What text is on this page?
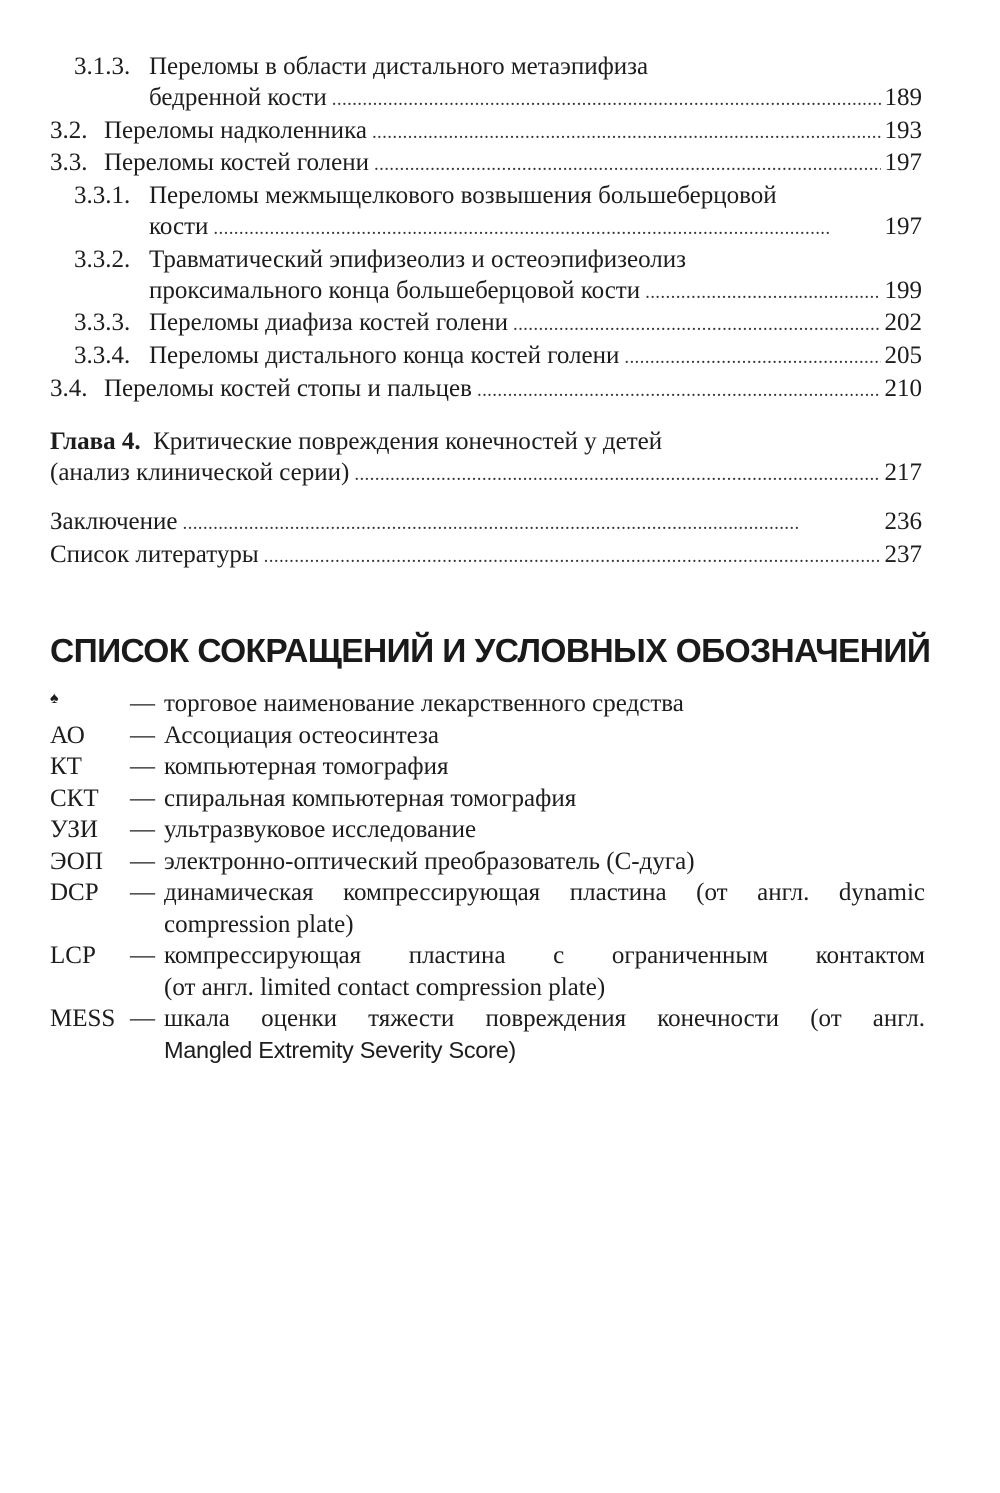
3.1.3. Переломы в области дистального метаэпифиза
бедренной кости . . .	189
3.2. Переломы надколенника . . .	193
3.3. Переломы костей голени . . .	197
3.3.1. Переломы межмыщелкового возвышения большеберцовой
кости . . .	197
3.3.2. Травматический эпифизеолиз и остеоэпифизеолиз
проксимального конца большеберцовой кости . . .	199
3.3.3. Переломы диафиза костей голени . . .	202
3.3.4. Переломы дистального конца костей голени . . .	205
3.4. Переломы костей стопы и пальцев . . .	210
Глава 4. Критические повреждения конечностей у детей
(анализ клинической серии) . . .	217
Заключение . . .	236
Список литературы . . .	237
СПИСОК СОКРАЩЕНИЙ И УСЛОВНЫХ ОБОЗНАЧЕНИЙ
♠	— торговое наименование лекарственного средства
АО	— Ассоциация остеосинтеза
КТ	— компьютерная томография
СКТ	— спиральная компьютерная томография
УЗИ	— ультразвуковое исследование
ЭОП	— электронно-оптический преобразователь (С-дуга)
DCP	— динамическая компрессирующая пластина (от англ. dynamic
compression plate)
LCP	— компрессирующая пластина с ограниченным контактом
(от англ. limited contact compression plate)
MESS — шкала оценки тяжести повреждения конечности (от англ.
Mangled Extremity Severity Score)
